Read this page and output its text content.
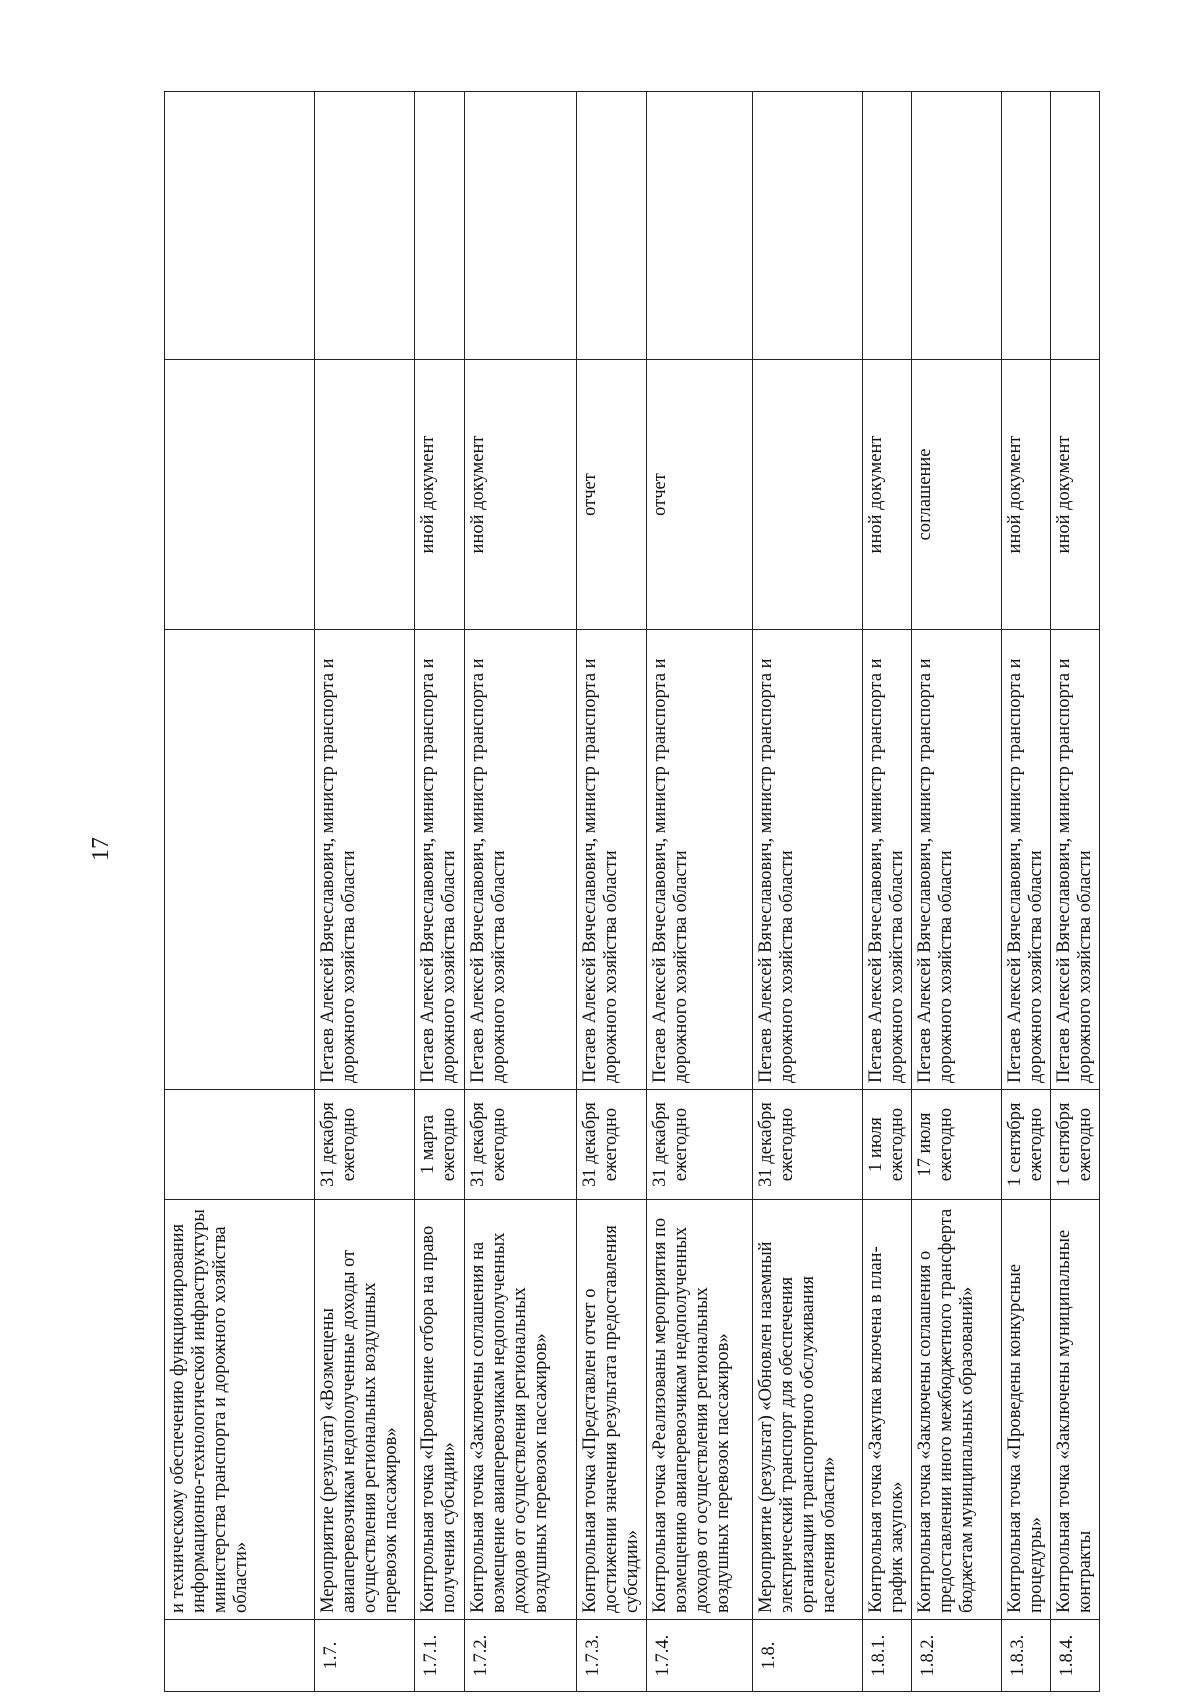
17
	и техническому обеспечению функционирования информационно-технологической инфраструктуры министерства транспорта и дорожного хозяйства области»				
1.7.	Мероприятие (результат) «Возмещены авиаперевозчикам недополученные доходы от осуществления региональных воздушных перевозок пассажиров»	31 декабря ежегодно	Петаев Алексей Вячеславович, министр транспорта и дорожного хозяйства области		
1.7.1.	Контрольная точка «Проведение отбора на право получения субсидии»	1 марта ежегодно	Петаев Алексей Вячеславович, министр транспорта и дорожного хозяйства области	иной документ	
1.7.2.	Контрольная точка «Заключены соглашения на возмещение авиаперевозчикам недополученных доходов от осуществления региональных воздушных перевозок пассажиров»	31 декабря ежегодно	Петаев Алексей Вячеславович, министр транспорта и дорожного хозяйства области	иной документ	
1.7.3.	Контрольная точка «Представлен отчет о достижении значения результата предоставления субсидии»	31 декабря ежегодно	Петаев Алексей Вячеславович, министр транспорта и дорожного хозяйства области	отчет	
1.7.4.	Контрольная точка «Реализованы мероприятия по возмещению авиаперевозчикам недополученных доходов от осуществления региональных воздушных перевозок пассажиров»	31 декабря ежегодно	Петаев Алексей Вячеславович, министр транспорта и дорожного хозяйства области	отчет	
1.8.	Мероприятие (результат) «Обновлен наземный электрический транспорт для обеспечения организации транспортного обслуживания населения области»	31 декабря ежегодно	Петаев Алексей Вячеславович, министр транспорта и дорожного хозяйства области		
1.8.1.	Контрольная точка «Закупка включена в план-график закупок»	1 июля ежегодно	Петаев Алексей Вячеславович, министр транспорта и дорожного хозяйства области	иной документ	
1.8.2.	Контрольная точка «Заключены соглашения о предоставлении иного межбюджетного трансферта бюджетам муниципальных образований»	17 июля ежегодно	Петаев Алексей Вячеславович, министр транспорта и дорожного хозяйства области	соглашение	
1.8.3.	Контрольная точка «Проведены конкурсные процедуры»	1 сентября ежегодно	Петаев Алексей Вячеславович, министр транспорта и дорожного хозяйства области	иной документ	
1.8.4.	Контрольная точка «Заключены муниципальные контракты	1 сентября ежегодно	Петаев Алексей Вячеславович, министр транспорта и дорожного хозяйства области	иной документ	
